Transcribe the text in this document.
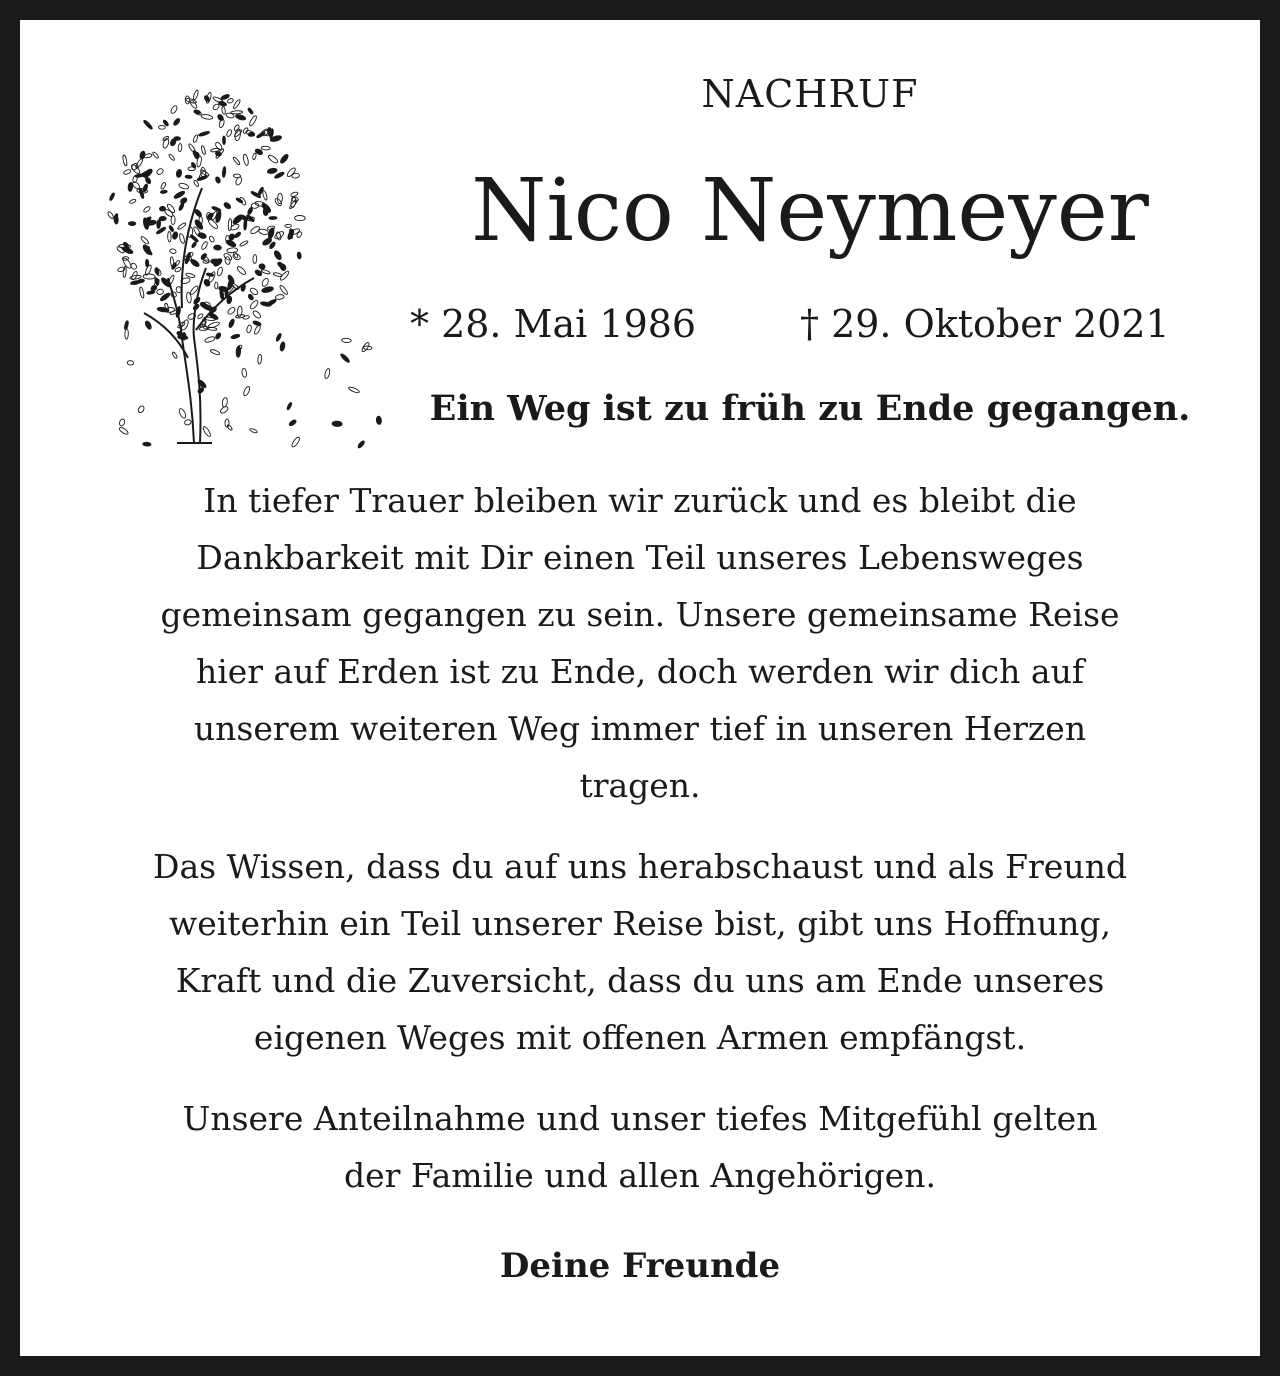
NACHRUF
Nico Neymeyer
* 28. Mai 1986	† 29. Oktober 2021
Ein Weg ist zu früh zu Ende gegangen.
In tiefer Trauer bleiben wir zurück und es bleibt die
Dankbarkeit mit Dir einen Teil unseres Lebensweges
gemeinsam gegangen zu sein. Unsere gemeinsame Reise
hier auf Erden ist zu Ende, doch werden wir dich auf
unserem weiteren Weg immer tief in unseren Herzen
tragen.
Das Wissen, dass du auf uns herabschaust und als Freund
weiterhin ein Teil unserer Reise bist, gibt uns Hoffnung,
Kraft und die Zuversicht, dass du uns am Ende unseres
eigenen Weges mit offenen Armen empfängst.
Unsere Anteilnahme und unser tiefes Mitgefühl gelten
der Familie und allen Angehörigen.
Deine Freunde
